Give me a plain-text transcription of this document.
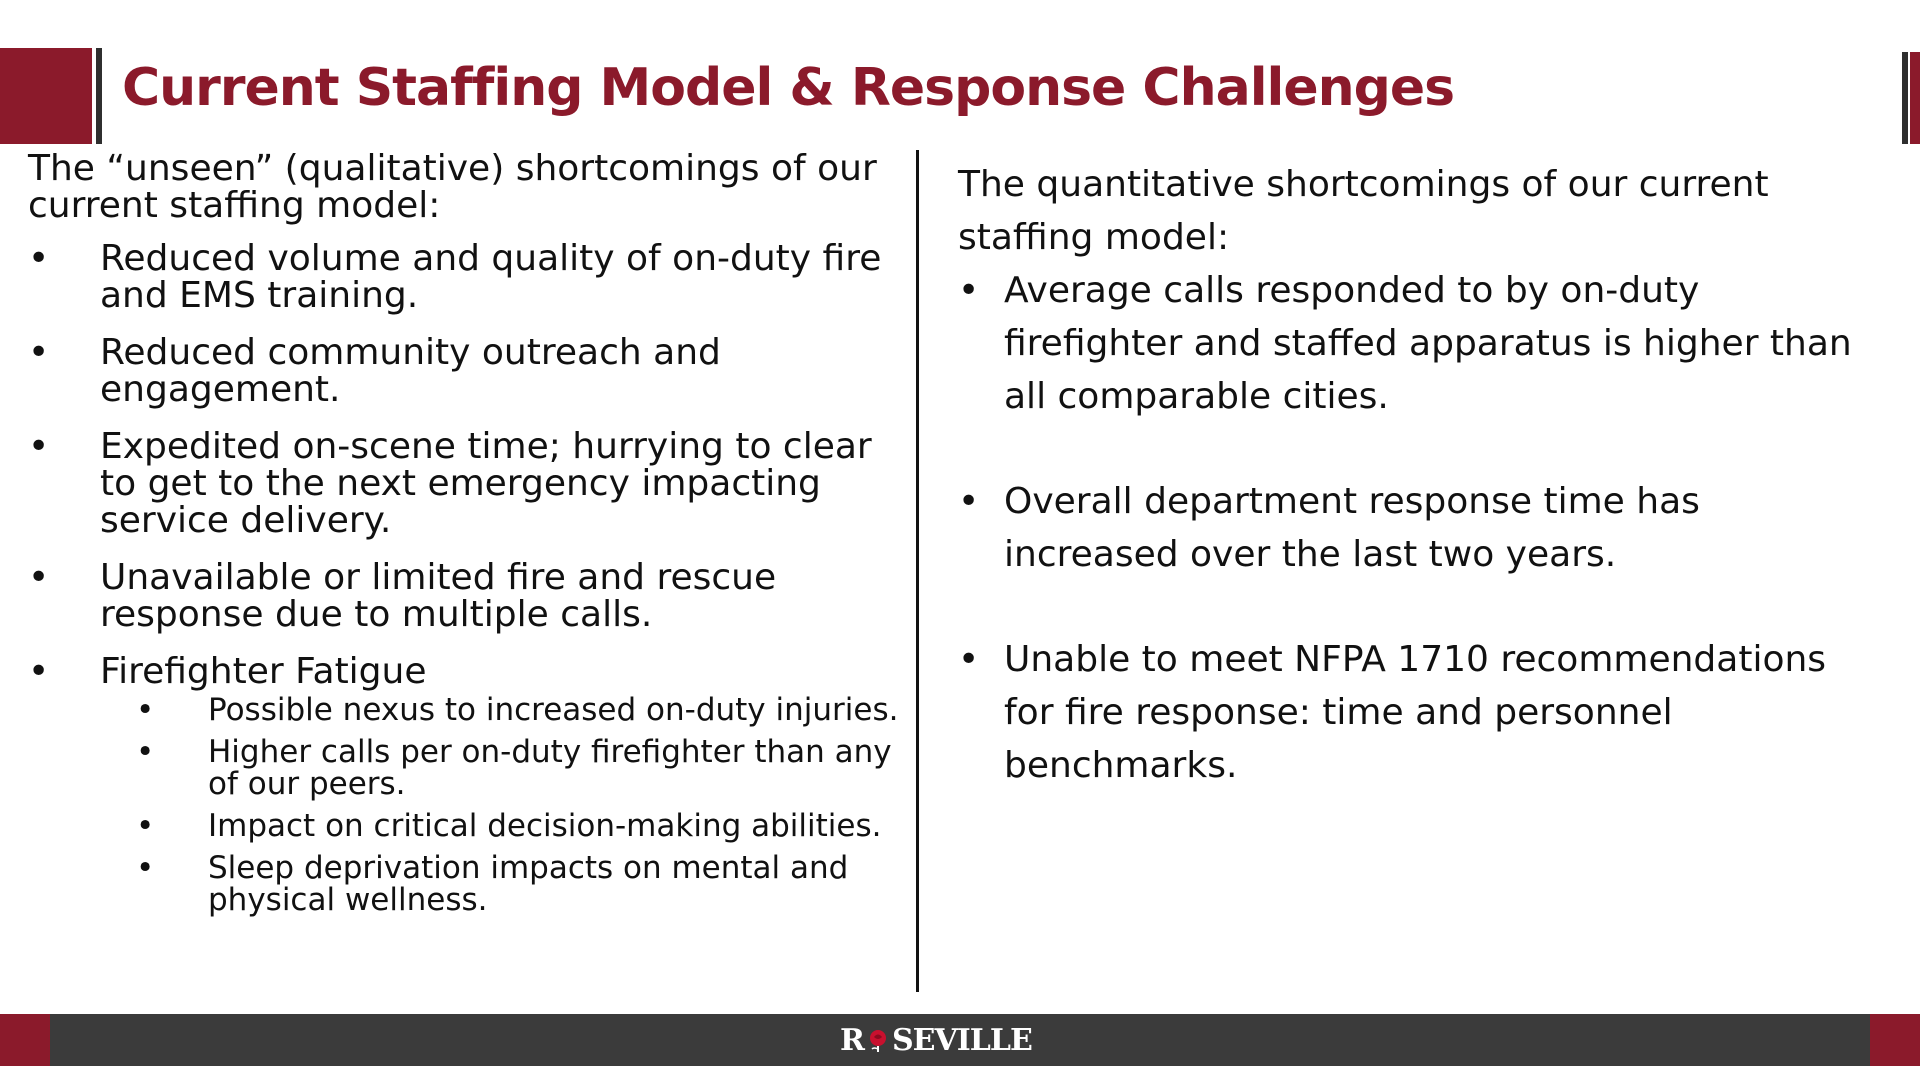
Current Staffing Model & Response Challenges

The “unseen” (qualitative) shortcomings of our current staffing model:

• Reduced volume and quality of on-duty fire and EMS training.
• Reduced community outreach and engagement.
• Expedited on-scene time; hurrying to clear to get to the next emergency impacting service delivery.
• Unavailable or limited fire and rescue response due to multiple calls.
• Firefighter Fatigue
• Possible nexus to increased on-duty injuries.
• Higher calls per on-duty firefighter than any of our peers.
• Impact on critical decision-making abilities.
• Sleep deprivation impacts on mental and physical wellness.

The quantitative shortcomings of our current staffing model:

• Average calls responded to by on-duty firefighter and staffed apparatus is higher than all comparable cities.
• Overall department response time has increased over the last two years.
• Unable to meet NFPA 1710 recommendations for fire response: time and personnel benchmarks.
R SEVILLE
